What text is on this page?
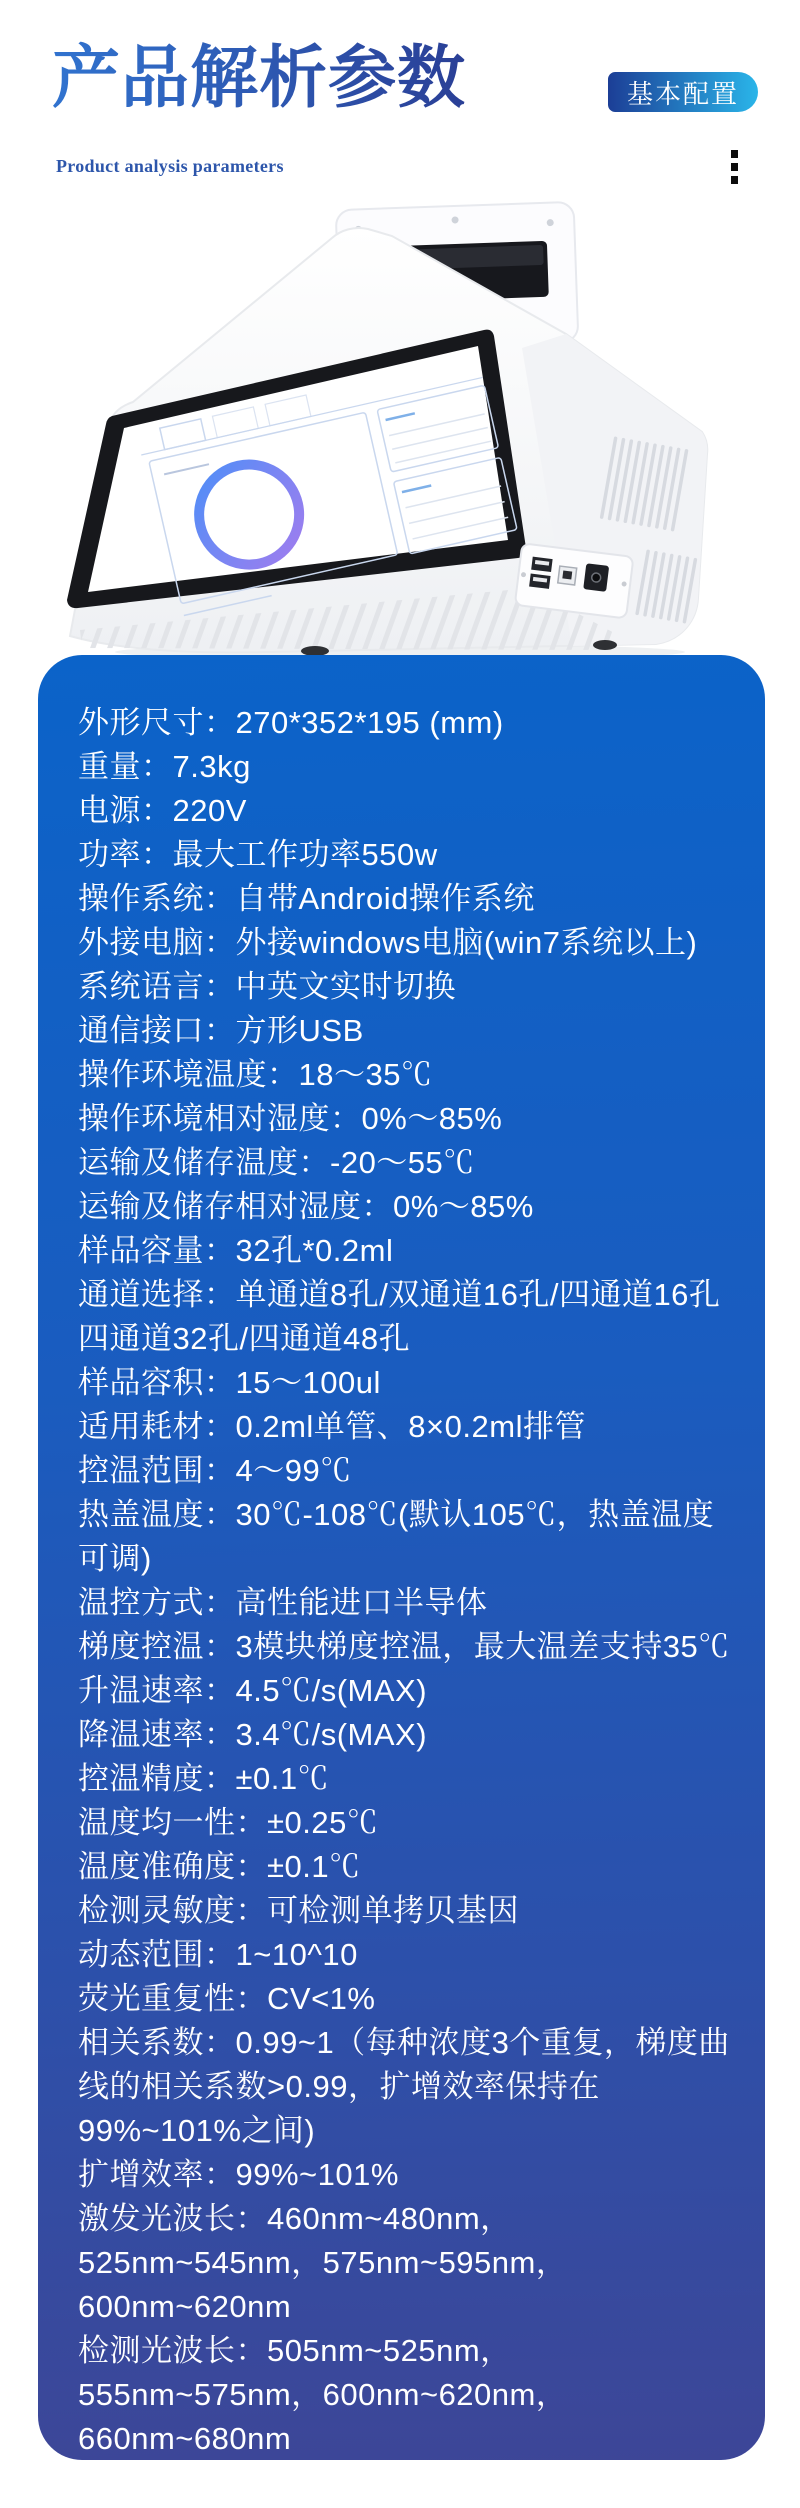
产品解析参数	基本配置
Product analysis parameters
外形尺寸：270*352*195 (mm)
重量：7.3kg
电源：220V
功率：最大工作功率550w
操作系统：自带Android操作系统
外接电脑：外接windows电脑(win7系统以上)
系统语言：中英文实时切换
通信接口：方形USB
操作环境温度：18～35℃
操作环境相对湿度：0%～85%
运输及储存温度：-20～55℃
运输及储存相对湿度：0%～85%
样品容量：32孔*0.2ml
通道选择：单通道8孔/双通道16孔/四通道16孔 四通道32孔/四通道48孔
样品容积：15～100ul
适用耗材：0.2ml单管、8×0.2ml排管
控温范围：4～99℃
热盖温度：30℃-108℃(默认105℃，热盖温度可调)
温控方式：高性能进口半导体
梯度控温：3模块梯度控温，最大温差支持35℃
升温速率：4.5℃/s(MAX)
降温速率：3.4℃/s(MAX)
控温精度：±0.1℃
温度均一性：±0.25℃
温度准确度：±0.1℃
检测灵敏度：可检测单拷贝基因
动态范围：1~10^10
荧光重复性：CV<1%
相关系数：0.99~1（每种浓度3个重复，梯度曲线的相关系数>0.99，扩增效率保持在99%~101%之间)
扩增效率：99%~101%
激发光波长：460nm~480nm，525nm~545nm，575nm~595nm，600nm~620nm
检测光波长：505nm~525nm，555nm~575nm，600nm~620nm，660nm~680nm
